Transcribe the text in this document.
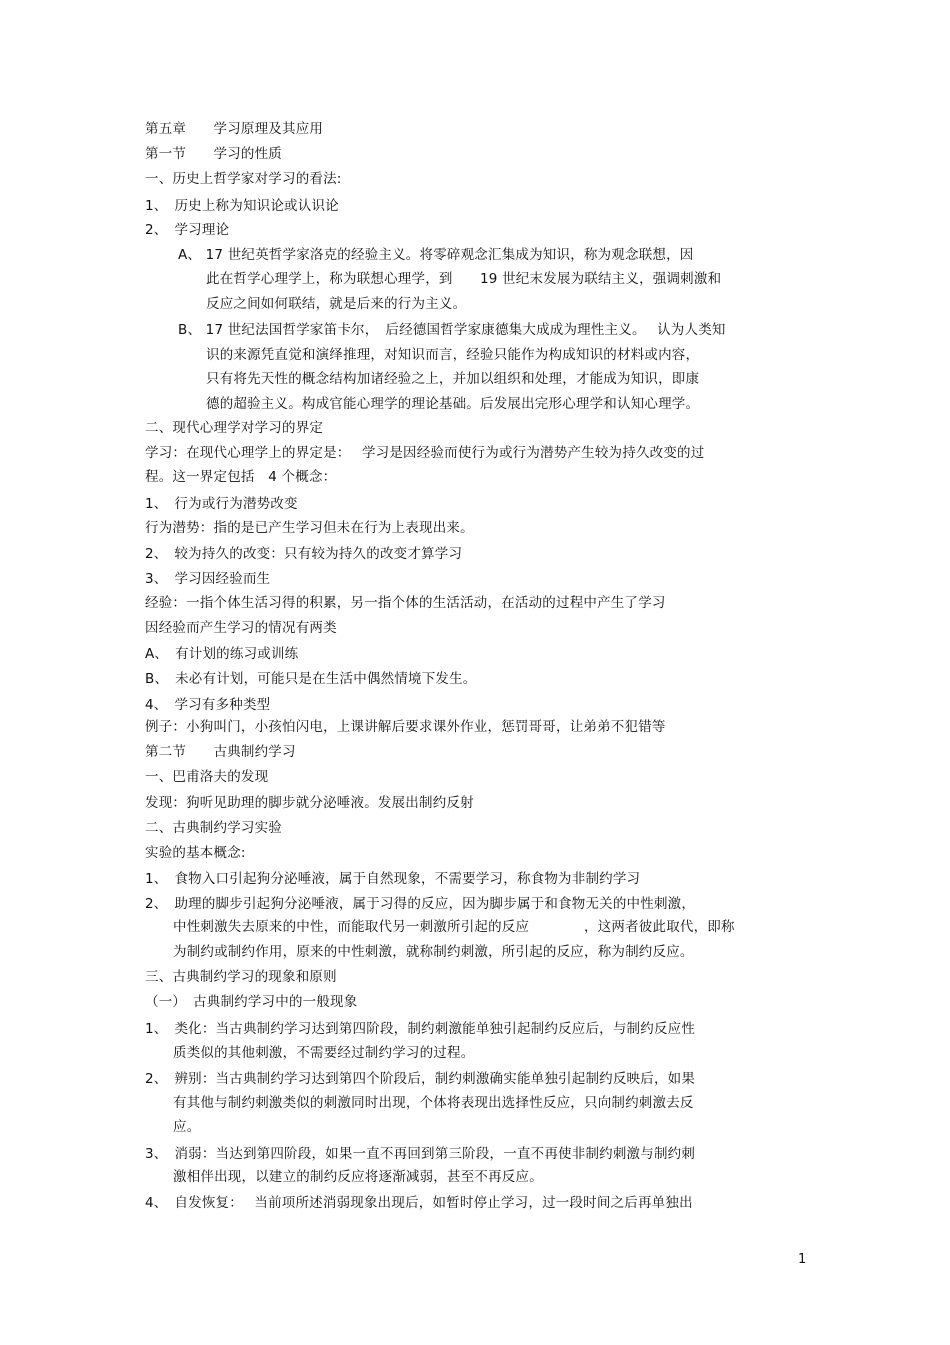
第五章　　学习原理及其应用
第一节　　学习的性质
一、历史上哲学家对学习的看法:
1、　历史上称为知识论或认识论
2、　学习理论
A、 17 世纪英哲学家洛克的经验主义。将零碎观念汇集成为知识，称为观念联想，因
此在哲学心理学上，称为联想心理学，到　　19 世纪末发展为联结主义，强调刺激和
反应之间如何联结，就是后来的行为主义。
B、 17 世纪法国哲学家笛卡尔，　后经德国哲学家康德集大成成为理性主义。　 认为人类知
识的来源凭直觉和演绎推理，对知识而言，经验只能作为构成知识的材料或内容，
只有将先天性的概念结构加诸经验之上，并加以组织和处理，才能成为知识，即康
德的超验主义。构成官能心理学的理论基础。后发展出完形心理学和认知心理学。
二、现代心理学对学习的界定
学习：在现代心理学上的界定是：　 学习是因经验而使行为或行为潜势产生较为持久改变的过
程。这一界定包括　4 个概念：
1、　行为或行为潜势改变
行为潜势：指的是已产生学习但未在行为上表现出来。
2、　较为持久的改变：只有较为持久的改变才算学习
3、　学习因经验而生
经验：一指个体生活习得的积累，另一指个体的生活活动，在活动的过程中产生了学习
因经验而产生学习的情况有两类
A、　有计划的练习或训练
B、　未必有计划，可能只是在生活中偶然情境下发生。
4、　学习有多种类型
例子：小狗叫门，小孩怕闪电，上课讲解后要求课外作业，惩罚哥哥，让弟弟不犯错等
第二节　　古典制约学习
一、巴甫洛夫的发现
发现：狗听见助理的脚步就分泌唾液。发展出制约反射
二、古典制约学习实验
实验的基本概念:
1、　食物入口引起狗分泌唾液，属于自然现象，不需要学习，称食物为非制约学习
2、　助理的脚步引起狗分泌唾液，属于习得的反应，因为脚步属于和食物无关的中性刺激，
中性刺激失去原来的中性，而能取代另一刺激所引起的反应　　　　，这两者彼此取代，即称
为制约或制约作用，原来的中性刺激，就称制约刺激，所引起的反应，称为制约反应。
三、古典制约学习的现象和原则
（一）　古典制约学习中的一般现象
1、　类化：当古典制约学习达到第四阶段，制约刺激能单独引起制约反应后，与制约反应性
质类似的其他刺激，不需要经过制约学习的过程。
2、　辨别：当古典制约学习达到第四个阶段后，制约刺激确实能单独引起制约反映后，如果
有其他与制约刺激类似的刺激同时出现，个体将表现出选择性反应，只向制约刺激去反
应。
3、　消弱：当达到第四阶段，如果一直不再回到第三阶段，一直不再使非制约刺激与制约刺
激相伴出现，以建立的制约反应将逐渐减弱，甚至不再反应。
4、　自发恢复：　 当前项所述消弱现象出现后，如暂时停止学习，过一段时间之后再单独出
1
